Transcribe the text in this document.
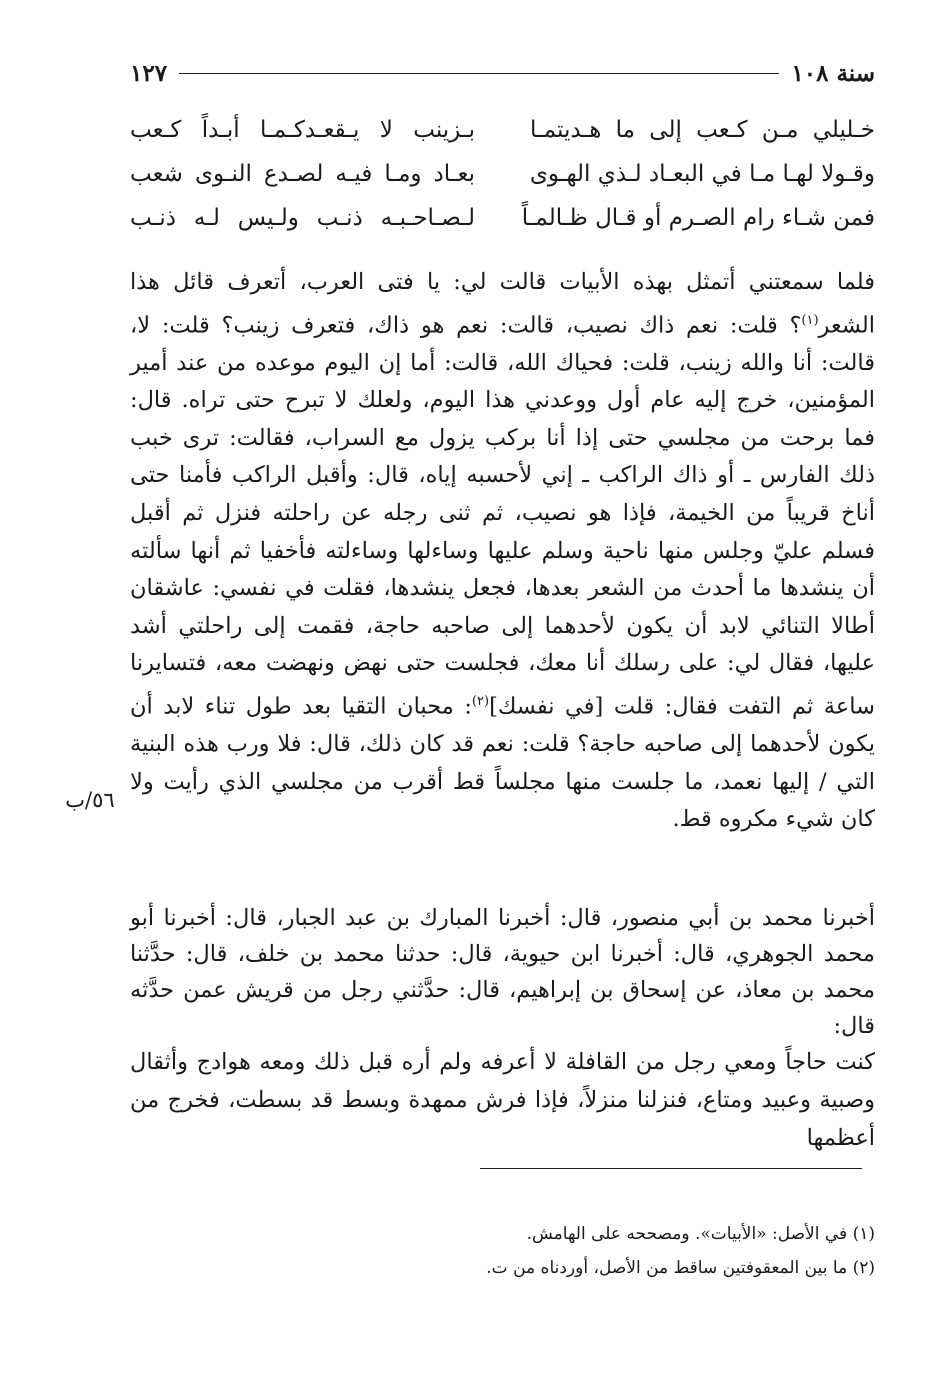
سنة ١٠٨
١٢٧
خـليلي مـن كـعب إلى ما هـديتمـا
بـزينب لا يـقعـدكـمـا أبـداً كـعب
وقـولا لهـا مـا في البعـاد لـذي الهـوى
بعـاد ومـا فيـه لصـدع النـوى شعب
فمن شـاء رام الصـرم أو قـال ظـالمـاً
لـصـاحـبـه ذنـب ولـيس لـه ذنـب

فلما سمعتني أتمثل بهذه الأبيات قالت لي: يا فتى العرب، أتعرف قائل هذا الشعر$^{(١)}$؟ قلت: نعم ذاك نصيب، قالت: نعم هو ذاك، فتعرف زينب؟ قلت: لا، قالت: أنا والله زينب، قلت: فحياك الله، قالت: أما إن اليوم موعده من عند أمير المؤمنين، خرج إليه عام أول ووعدني هذا اليوم، ولعلك لا تبرح حتى تراه. قال: فما برحت من مجلسي حتى إذا أنا بركب يزول مع السراب، فقالت: ترى خبب ذلك الفارس ـ أو ذاك الراكب ـ إني لأحسبه إياه، قال: وأقبل الراكب فأمنا حتى أناخ قريباً من الخيمة، فإذا هو نصيب، ثم ثنى رجله عن راحلته فنزل ثم أقبل فسلم عليّ وجلس منها ناحية وسلم عليها وساءلها وساءلته فأخفيا ثم أنها سألته أن ينشدها ما أحدث من الشعر بعدها، فجعل ينشدها، فقلت في نفسي: عاشقان أطالا التنائي لابد أن يكون لأحدهما إلى صاحبه حاجة، فقمت إلى راحلتي أشد عليها، فقال لي: على رسلك أنا معك، فجلست حتى نهض ونهضت معه، فتسايرنا ساعة ثم التفت فقال: قلت [في نفسك]$^{(٢)}$: محبان التقيا بعد طول تناء لابد أن يكون لأحدهما إلى صاحبه حاجة؟ قلت: نعم قد كان ذلك، قال: فلا ورب هذه البنية التي / إليها نعمد، ما جلست منها مجلساً قط أقرب من مجلسي الذي رأيت ولا كان شيء مكروه قط.

٥٦/ب

أخبرنا محمد بن أبي منصور، قال: أخبرنا المبارك بن عبد الجبار، قال: أخبرنا أبو محمد الجوهري، قال: أخبرنا ابن حيوية، قال: حدثنا محمد بن خلف، قال: حدَّثنا محمد بن معاذ، عن إسحاق بن إبراهيم، قال: حدَّثني رجل من قريش عمن حدَّثه قال:

كنت حاجاً ومعي رجل من القافلة لا أعرفه ولم أره قبل ذلك ومعه هوادج وأثقال وصبية وعبيد ومتاع، فنزلنا منزلاً، فإذا فرش ممهدة وبسط قد بسطت، فخرج من أعظمها

(١) في الأصل: «الأبيات». ومصححه على الهامش.
(٢) ما بين المعقوفتين ساقط من الأصل، أوردناه من ت.
